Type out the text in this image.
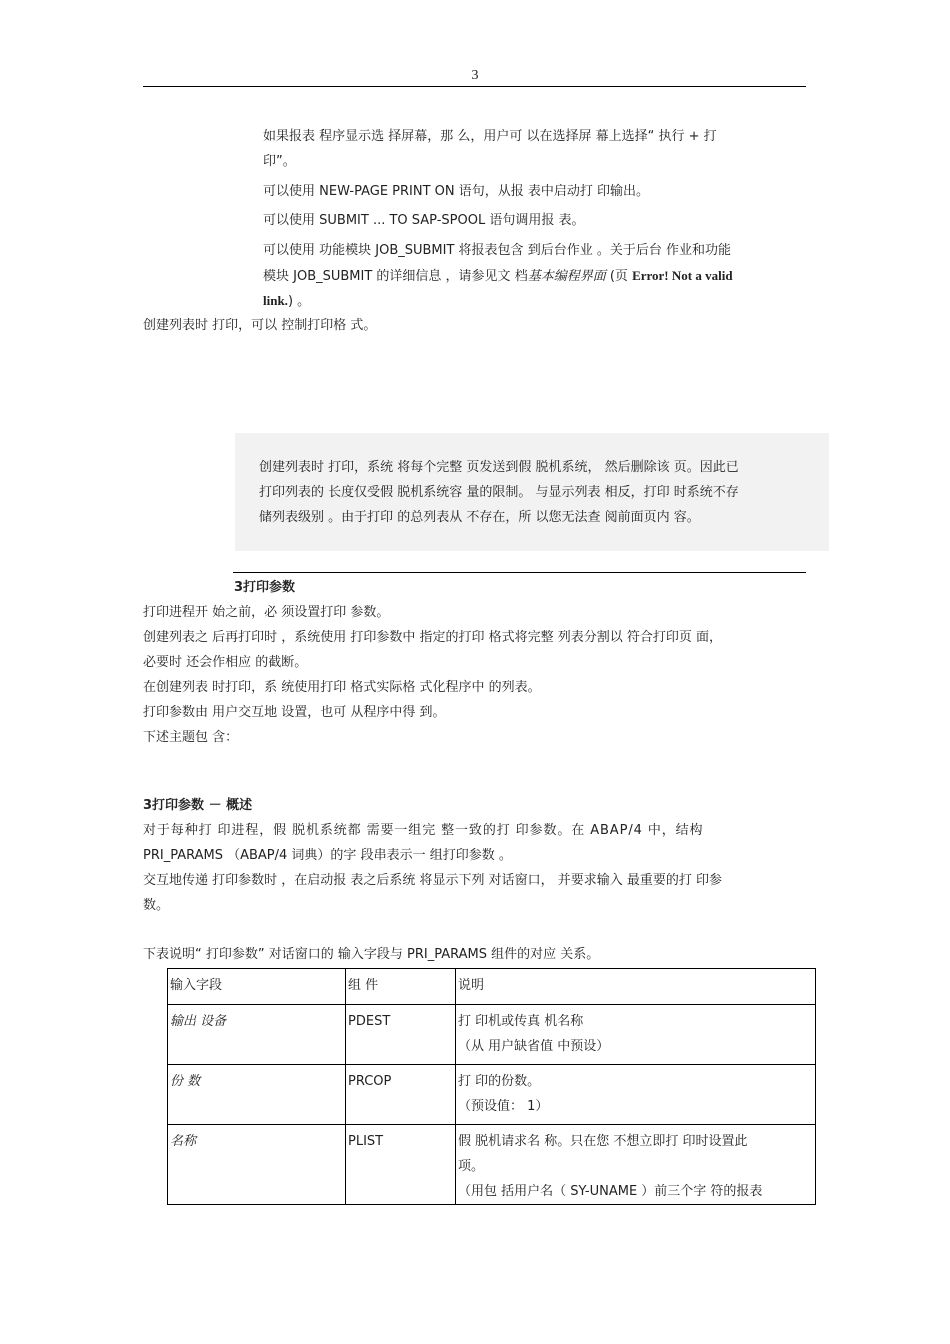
3
如果报表 程序显示选 择屏幕，那 么，用户可 以在选择屏 幕上选择“ 执行 + 打
印”。
可以使用 NEW-PAGE PRINT ON 语句，从报 表中启动打 印输出。
可以使用 SUBMIT ... TO SAP-SPOOL 语句调用报 表。
可以使用 功能模块 JOB_SUBMIT 将报表包含 到后台作业 。关于后台 作业和功能
模块 JOB_SUBMIT 的详细信息 ，请参见文 档基本编程界面 (页 Error! Not a valid
link.) 。
创建列表时 打印，可以 控制打印格 式。
创建列表时 打印，系统 将每个完整 页发送到假 脱机系统， 然后删除该 页。因此已
打印列表的 长度仅受假 脱机系统容 量的限制。 与显示列表 相反，打印 时系统不存
储列表级别 。由于打印 的总列表从 不存在，所 以您无法查 阅前面页内 容。
3打印参数
打印进程开 始之前，必 须设置打印 参数。
创建列表之 后再打印时 ，系统使用 打印参数中 指定的打印 格式将完整 列表分割以 符合打印页 面，
必要时 还会作相应 的截断。
在创建列表 时打印，系 统使用打印 格式实际格 式化程序中 的列表。
打印参数由 用户交互地 设置，也可 从程序中得 到。
下述主题包 含：
3打印参数 － 概述
对于每种打 印进程，假 脱机系统都 需要一组完 整一致的打 印参数。在 ABAP/4 中，结构
PRI_PARAMS （ABAP/4 词典）的字 段串表示一 组打印参数 。
交互地传递 打印参数时 ，在启动报 表之后系统 将显示下列 对话窗口， 并要求输入 最重要的打 印参
数。
下表说明“ 打印参数” 对话窗口的 输入字段与 PRI_PARAMS 组件的对应 关系。
输入字段	组 件	说明
输出 设备	PDEST	打 印机或传真 机名称
（从 用户缺省值 中预设）

份 数	PRCOP	打 印的份数。
（预设值： 1）

名称	PLIST	假 脱机请求名 称。只在您 不想立即打 印时设置此
项。
（用包 括用户名（ SY-UNAME ）前三个字 符的报表
